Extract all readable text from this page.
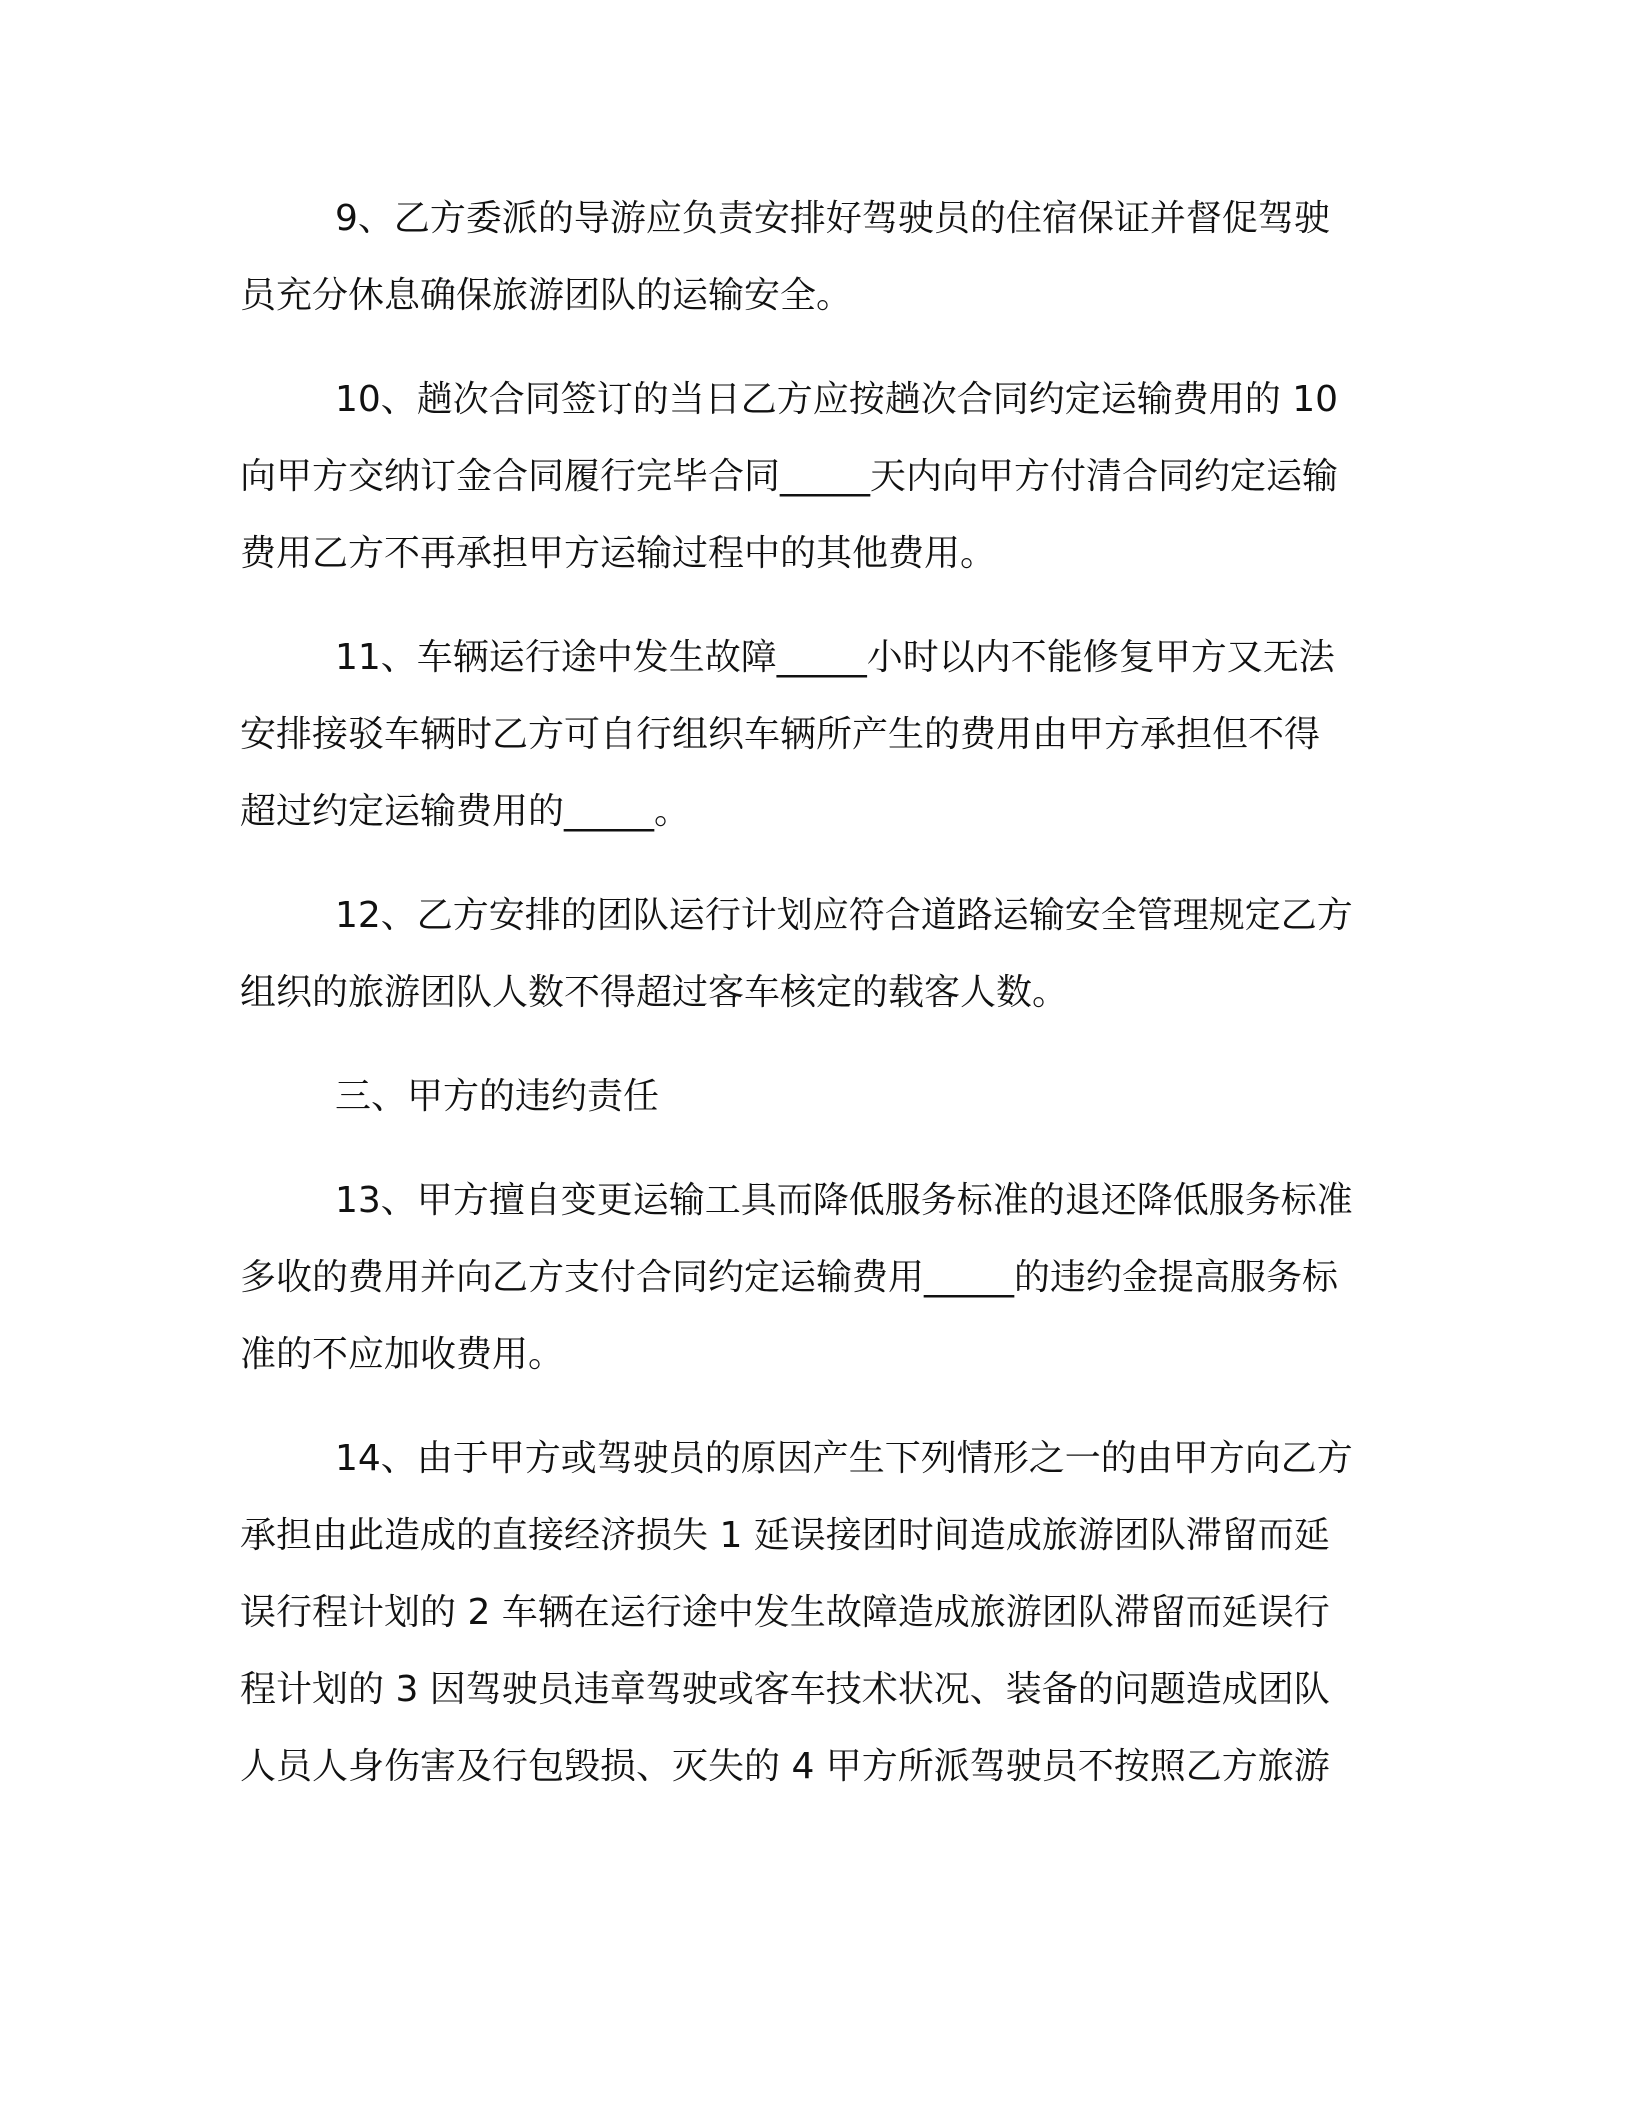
9、乙方委派的导游应负责安排好驾驶员的住宿保证并督促驾驶
员充分休息确保旅游团队的运输安全。
10、趟次合同签订的当日乙方应按趟次合同约定运输费用的 10
向甲方交纳订金合同履行完毕合同_____天内向甲方付清合同约定运输
费用乙方不再承担甲方运输过程中的其他费用。
11、车辆运行途中发生故障_____小时以内不能修复甲方又无法
安排接驳车辆时乙方可自行组织车辆所产生的费用由甲方承担但不得
超过约定运输费用的_____。
12、乙方安排的团队运行计划应符合道路运输安全管理规定乙方
组织的旅游团队人数不得超过客车核定的载客人数。
三、甲方的违约责任
13、甲方擅自变更运输工具而降低服务标准的退还降低服务标准
多收的费用并向乙方支付合同约定运输费用_____的违约金提高服务标
准的不应加收费用。
14、由于甲方或驾驶员的原因产生下列情形之一的由甲方向乙方
承担由此造成的直接经济损失 1 延误接团时间造成旅游团队滞留而延
误行程计划的 2 车辆在运行途中发生故障造成旅游团队滞留而延误行
程计划的 3 因驾驶员违章驾驶或客车技术状况、装备的问题造成团队
人员人身伤害及行包毁损、灭失的 4 甲方所派驾驶员不按照乙方旅游
